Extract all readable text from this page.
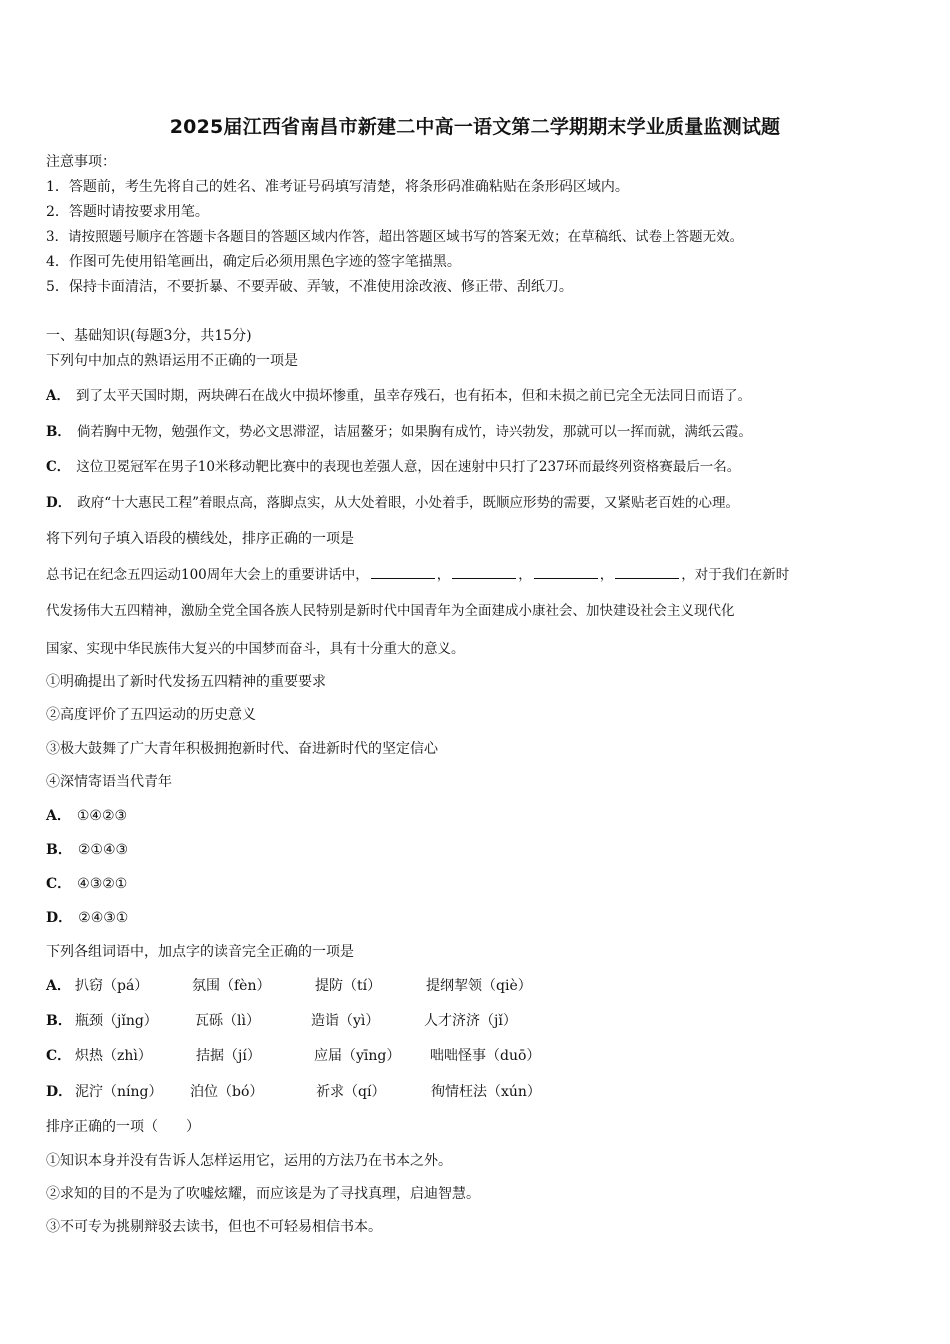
2025届江西省南昌市新建二中高一语文第二学期期末学业质量监测试题
注意事项：
1．答题前，考生先将自己的姓名、准考证号码填写清楚，将条形码准确粘贴在条形码区域内。
2．答题时请按要求用笔。
3．请按照题号顺序在答题卡各题目的答题区域内作答，超出答题区域书写的答案无效；在草稿纸、试卷上答题无效。
4．作图可先使用铅笔画出，确定后必须用黑色字迹的签字笔描黑。
5．保持卡面清洁，不要折暴、不要弄破、弄皱，不准使用涂改液、修正带、刮纸刀。
一、基础知识(每题3分，共15分)
下列句中加点的熟语运用不正确的一项是
A． 到了太平天国时期，两块碑石在战火中损坏惨重，虽幸存残石，也有拓本，但和未损之前已完全无法同日而语了。
B． 倘若胸中无物，勉强作文，势必文思滞涩，诘屈鳌牙；如果胸有成竹，诗兴勃发，那就可以一挥而就，满纸云霞。
C． 这位卫冕冠军在男子10米移动靶比赛中的表现也差强人意，因在速射中只打了237环而最终列资格赛最后一名。
D． 政府“十大惠民工程”着眼点高，落脚点实，从大处着眼，小处着手，既顺应形势的需要，又紧贴老百姓的心理。
将下列句子填入语段的横线处，排序正确的一项是
总书记在纪念五四运动100周年大会上的重要讲话中，	，	，	，	，对于我们在新时
代发扬伟大五四精神，激励全党全国各族人民特别是新时代中国青年为全面建成小康社会、加快建设社会主义现代化
国家、实现中华民族伟大复兴的中国梦而奋斗，具有十分重大的意义。
①明确提出了新时代发扬五四精神的重要要求
②高度评价了五四运动的历史意义
③极大鼓舞了广大青年积极拥抱新时代、奋进新时代的坚定信心
④深情寄语当代青年
A． ①④②③
B． ②①④③
C． ④③②①
D． ②④③①
下列各组词语中，加点字的读音完全正确的一项是
A． 扒窃（pá）	氛围（fèn）	提防（tí）	提纲挈领（qiè）
B． 瓶颈（jǐng）	瓦砾（lì）	造诣（yì）	人才济济（jǐ）
C． 炽热（zhì）	拮据（jí）	应届（yīng） 咄咄怪事（duō）
D． 泥泞（níng） 泊位（bó）	祈求（qí）	徇情枉法（xún）
排序正确的一项（　　）
①知识本身并没有告诉人怎样运用它，运用的方法乃在书本之外。
②求知的目的不是为了吹嘘炫耀，而应该是为了寻找真理，启迪智慧。
③不可专为挑剔辩驳去读书，但也不可轻易相信书本。
